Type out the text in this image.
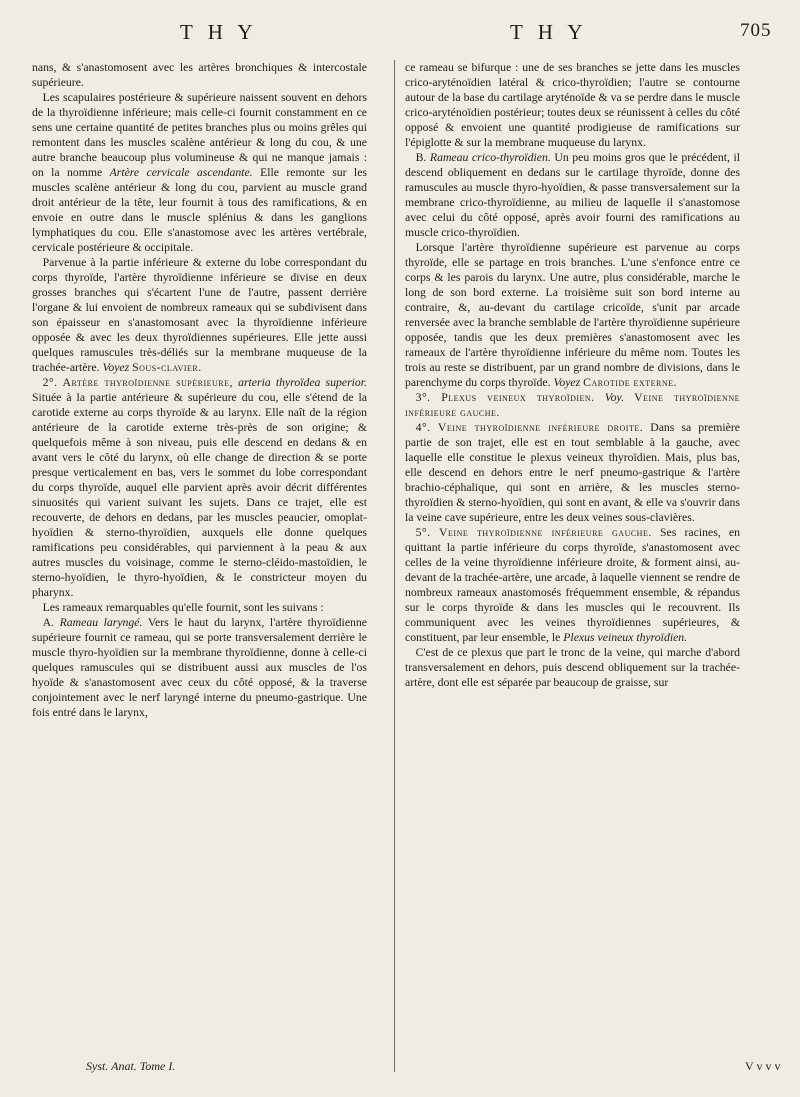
T H Y	T H Y	705

nans, & s'anastomosent avec les artères bronchiques & intercostale supérieure.

Les scapulaires postérieure & supérieure naissent souvent en dehors de la thyroïdienne inférieure; mais celle-ci fournit constamment en ce sens une certaine quantité de petites branches plus ou moins grêles qui remontent dans les muscles scalène antérieur & long du cou, & une autre branche beaucoup plus volumineuse & qui ne manque jamais : on la nomme Artère cervicale ascendante. Elle remonte sur les muscles scalène antérieur & long du cou, parvient au muscle grand droit antérieur de la tête, leur fournit à tous des ramifications, & en envoie en outre dans le muscle splénius & dans les ganglions lymphatiques du cou. Elle s'anastomose avec les artères vertébrale, cervicale postérieure & occipitale.

Parvenue à la partie inférieure & externe du lobe correspondant du corps thyroïde, l'artère thyroïdienne inférieure se divise en deux grosses branches qui s'écartent l'une de l'autre, passent derrière l'organe & lui envoient de nombreux rameaux qui se subdivisent dans son épaisseur en s'anastomosant avec la thyroïdienne inférieure opposée & avec les deux thyroïdiennes supérieures. Elle jette aussi quelques ramuscules très-déliés sur la membrane muqueuse de la trachée-artère. Voyez Sous-clavier.

2°. Artère thyroïdienne supérieure, arteria thyroïdea superior. Située à la partie antérieure & supérieure du cou, elle s'étend de la carotide externe au corps thyroïde & au larynx. Elle naît de la région antérieure de la carotide externe très-près de son origine; & quelquefois même à son niveau, puis elle descend en dedans & en avant vers le côté du larynx, où elle change de direction & se porte presque verticalement en bas, vers le sommet du lobe correspondant du corps thyroïde, auquel elle parvient après avoir décrit différentes sinuosités qui varient suivant les sujets. Dans ce trajet, elle est recouverte, de dehors en dedans, par les muscles peaucier, omoplat-hyoïdien & sterno-thyroïdien, auxquels elle donne quelques ramifications peu considérables, qui parviennent à la peau & aux autres muscles du voisinage, comme le sterno-cléido-mastoïdien, le sterno-hyoïdien, le thyro-hyoïdien, & le constricteur moyen du pharynx.

Les rameaux remarquables qu'elle fournit, sont les suivans :

A. Rameau laryngé. Vers le haut du larynx, l'artère thyroïdienne supérieure fournit ce rameau, qui se porte transversalement derrière le muscle thyro-hyoïdien sur la membrane thyroïdienne, donne à celle-ci quelques ramuscules qui se distribuent aussi aux muscles de l'os hyoïde & s'anastomosent avec ceux du côté opposé, & la traverse conjointement avec le nerf laryngé interne du pneumo-gastrique. Une fois entré dans le larynx,

ce rameau se bifurque : une de ses branches se jette dans les muscles crico-aryténoïdien latéral & crico-thyroïdien; l'autre se contourne autour de la base du cartilage aryténoïde & va se perdre dans le muscle crico-aryténoïdien postérieur; toutes deux se réunissent à celles du côté opposé & envoient une quantité prodigieuse de ramifications sur l'épiglotte & sur la membrane muqueuse du larynx.

B. Rameau crico-thyroïdien. Un peu moins gros que le précédent, il descend obliquement en dedans sur le cartilage thyroïde, donne des ramuscules au muscle thyro-hyoïdien, & passe transversalement sur la membrane crico-thyroïdienne, au milieu de laquelle il s'anastomose avec celui du côté opposé, après avoir fourni des ramifications au muscle crico-thyroïdien.

Lorsque l'artère thyroïdienne supérieure est parvenue au corps thyroïde, elle se partage en trois branches. L'une s'enfonce entre ce corps & les parois du larynx. Une autre, plus considérable, marche le long de son bord externe. La troisième suit son bord interne au contraire, &, au-devant du cartilage cricoïde, s'unit par arcade renversée avec la branche semblable de l'artère thyroïdienne supérieure opposée, tandis que les deux premières s'anastomosent avec les rameaux de l'artère thyroïdienne inférieure du même nom. Toutes les trois au reste se distribuent, par un grand nombre de divisions, dans le parenchyme du corps thyroïde. Voyez Carotide externe.

3°. Plexus veineux thyroïdien. Voy. Veine thyroïdienne inférieure gauche.

4°. Veine thyroïdienne inférieure droite. Dans sa première partie de son trajet, elle est en tout semblable à la gauche, avec laquelle elle constitue le plexus veineux thyroïdien. Mais, plus bas, elle descend en dehors entre le nerf pneumo-gastrique & l'artère brachio-céphalique, qui sont en arrière, & les muscles sterno-thyroïdien & sterno-hyoïdien, qui sont en avant, & elle va s'ouvrir dans la veine cave supérieure, entre les deux veines sous-clavières.

5°. Veine thyroïdienne inférieure gauche. Ses racines, en quittant la partie inférieure du corps thyroïde, s'anastomosent avec celles de la veine thyroïdienne inférieure droite, & forment ainsi, au-devant de la trachée-artère, une arcade, à laquelle viennent se rendre de nombreux rameaux anastomosés fréquemment ensemble, & répandus sur le corps thyroïde & dans les muscles qui le recouvrent. Ils communiquent avec les veines thyroïdiennes supérieures, & constituent, par leur ensemble, le Plexus veineux thyroïdien.

C'est de ce plexus que part le tronc de la veine, qui marche d'abord transversalement en dehors, puis descend obliquement sur la trachée-artère, dont elle est séparée par beaucoup de graisse, sur

Syst. Anat. Tome I.	V v v v
